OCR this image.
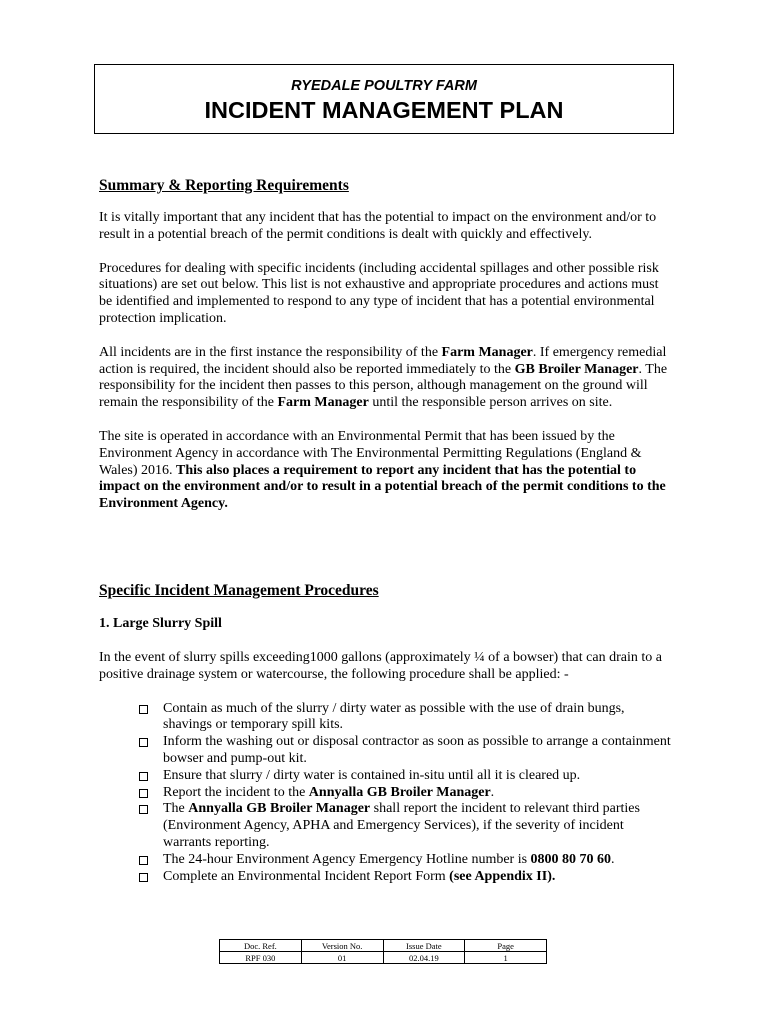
RYEDALE POULTRY FARM
INCIDENT MANAGEMENT PLAN

Summary & Reporting Requirements

It is vitally important that any incident that has the potential to impact on the environment and/or to result in a potential breach of the permit conditions is dealt with quickly and effectively.

Procedures for dealing with specific incidents (including accidental spillages and other possible risk situations) are set out below. This list is not exhaustive and appropriate procedures and actions must be identified and implemented to respond to any type of incident that has a potential environmental protection implication.

All incidents are in the first instance the responsibility of the Farm Manager. If emergency remedial action is required, the incident should also be reported immediately to the GB Broiler Manager. The responsibility for the incident then passes to this person, although management on the ground will remain the responsibility of the Farm Manager until the responsible person arrives on site.

The site is operated in accordance with an Environmental Permit that has been issued by the Environment Agency in accordance with The Environmental Permitting Regulations (England & Wales) 2016. This also places a requirement to report any incident that has the potential to impact on the environment and/or to result in a potential breach of the permit conditions to the Environment Agency.

Specific Incident Management Procedures

1. Large Slurry Spill

In the event of slurry spills exceeding1000 gallons (approximately ¼ of a bowser) that can drain to a positive drainage system or watercourse, the following procedure shall be applied: -

Contain as much of the slurry / dirty water as possible with the use of drain bungs, shavings or temporary spill kits.
Inform the washing out or disposal contractor as soon as possible to arrange a containment bowser and pump-out kit.
Ensure that slurry / dirty water is contained in-situ until all it is cleared up.
Report the incident to the Annyalla GB Broiler Manager.
The Annyalla GB Broiler Manager shall report the incident to relevant third parties (Environment Agency, APHA and Emergency Services), if the severity of incident warrants reporting.
The 24-hour Environment Agency Emergency Hotline number is 0800 80 70 60.
Complete an Environmental Incident Report Form (see Appendix II).
Doc. Ref.	Version No.	Issue Date	Page
RPF 030	01	02.04.19	1
